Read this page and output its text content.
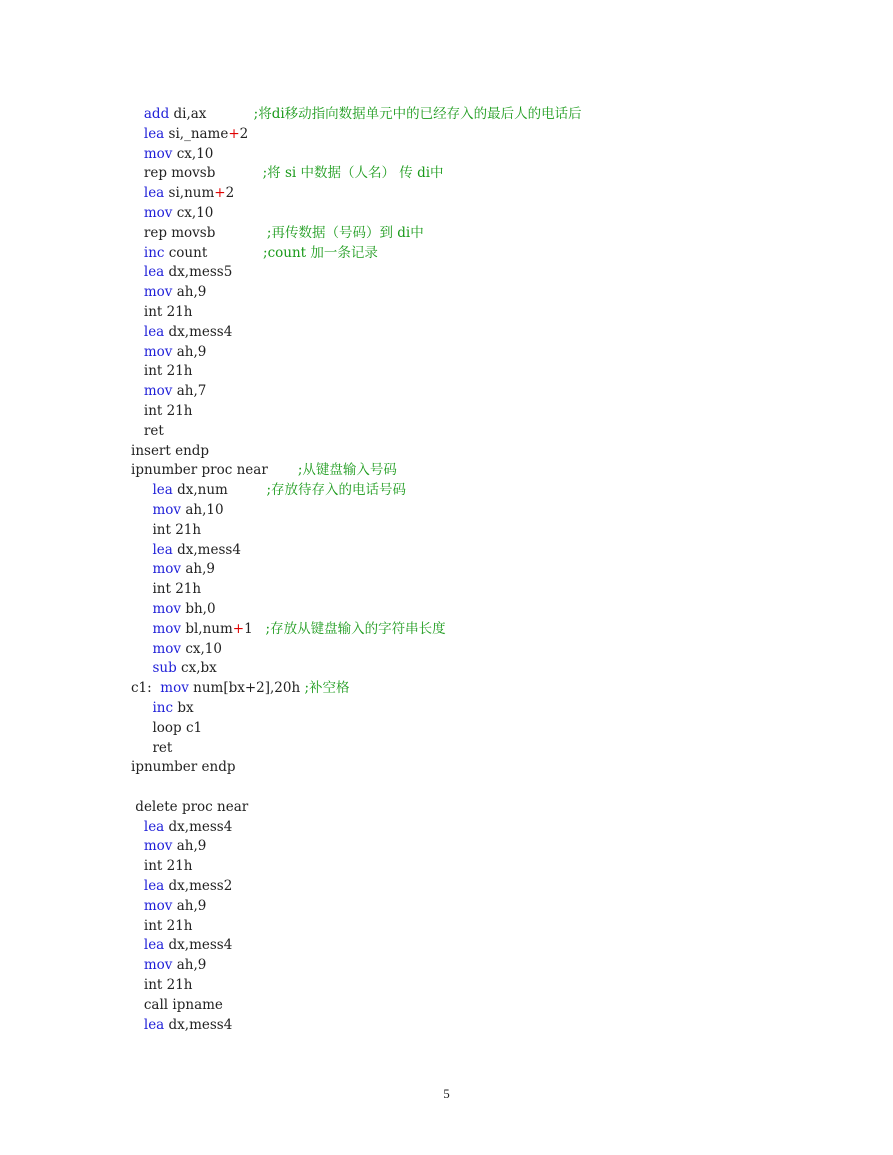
add di,ax	;将di移动指向数据单元中的已经存入的最后人的电话后
lea si,_name+2
mov cx,10
rep movsb	;将 si 中数据（人名） 传 di中
lea si,num+2
mov cx,10
rep movsb	;再传数据（号码）到 di中
inc count	;count 加一条记录
lea dx,mess5
mov ah,9
int 21h
lea dx,mess4
mov ah,9
int 21h
mov ah,7
int 21h
ret
insert endp
ipnumber proc near ;从键盘输入号码
lea dx,num	;存放待存入的电话号码
mov ah,10
int 21h
lea dx,mess4
mov ah,9
int 21h
mov bh,0
mov bl,num+1 ;存放从键盘输入的字符串长度
mov cx,10
sub cx,bx
c1:  mov num[bx+2],20h ;补空格
inc bx
loop c1
ret
ipnumber endp
delete proc near
lea dx,mess4
mov ah,9
int 21h
lea dx,mess2
mov ah,9
int 21h
lea dx,mess4
mov ah,9
int 21h
call ipname
lea dx,mess4
5
